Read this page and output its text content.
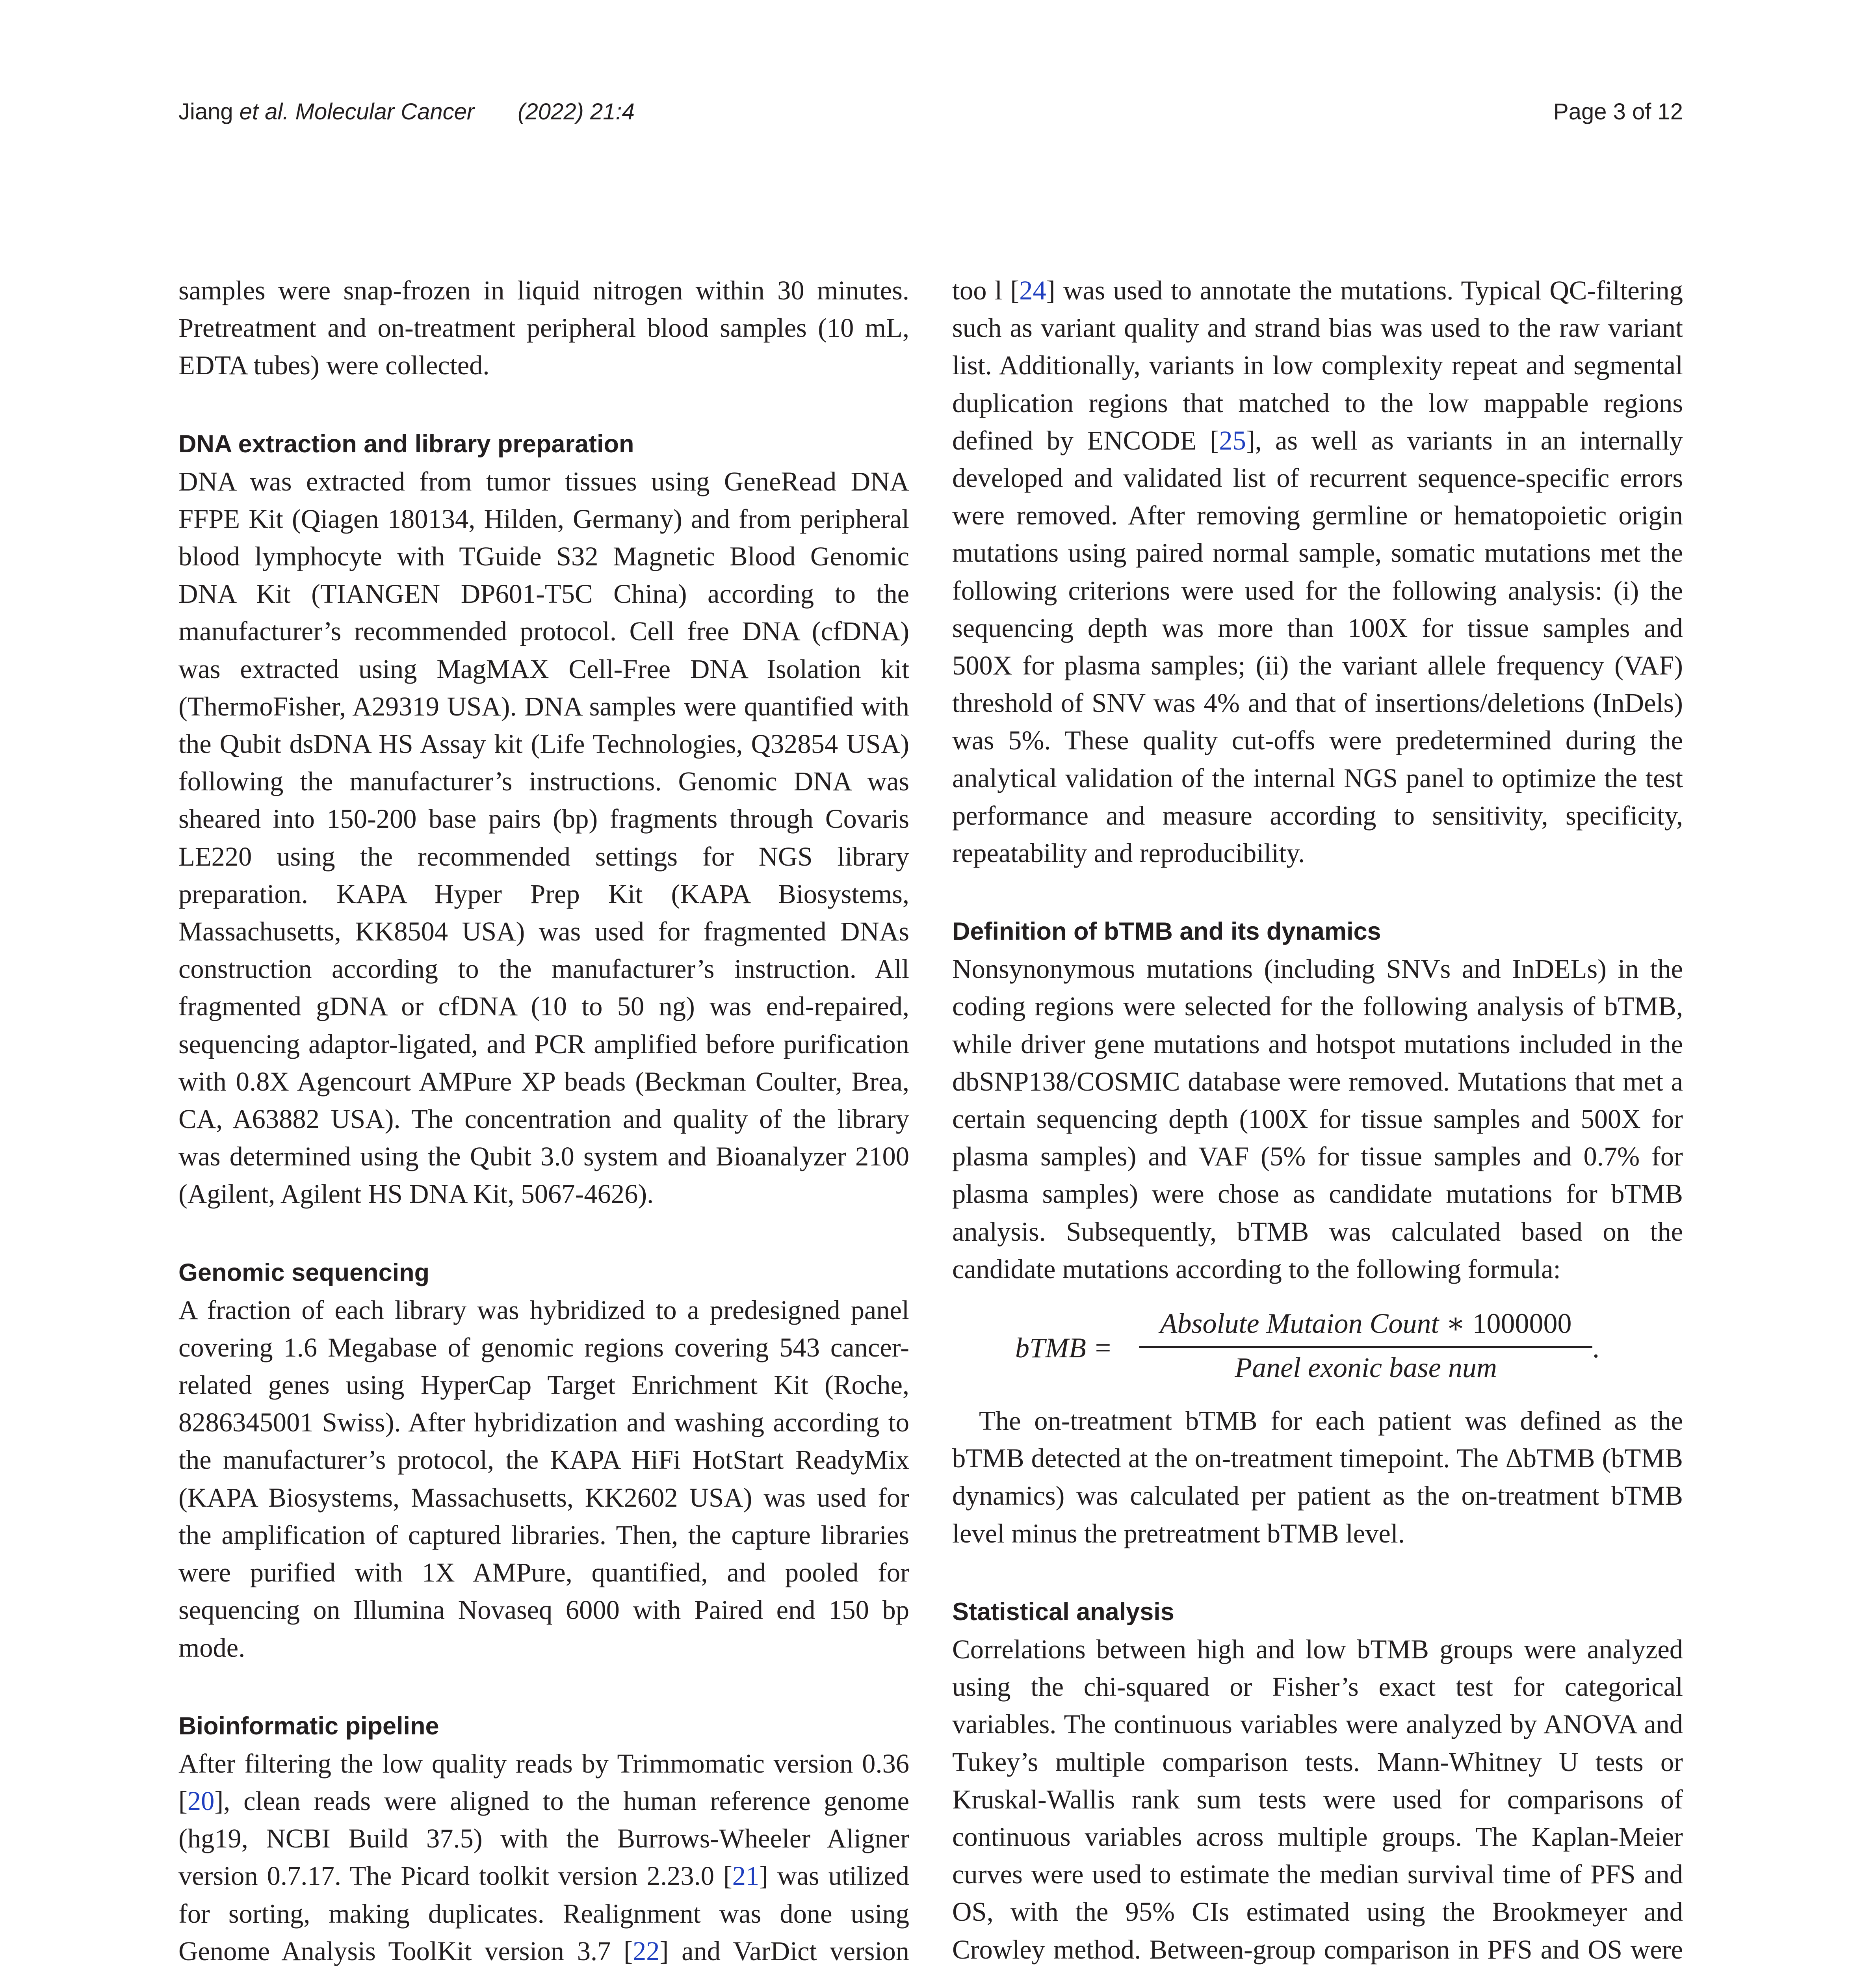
Jiang et al. Molecular Cancer (2022) 21:4	Page 3 of 12

samples were snap-frozen in liquid nitrogen within 30 minutes. Pretreatment and on-treatment peripheral blood samples (10 mL, EDTA tubes) were collected.

DNA extraction and library preparation

DNA was extracted from tumor tissues using GeneRead DNA FFPE Kit (Qiagen 180134, Hilden, Germany) and from peripheral blood lymphocyte with TGuide S32 Magnetic Blood Genomic DNA Kit (TIANGEN DP601-T5C China) according to the manufacturer’s recommended protocol. Cell free DNA (cfDNA) was extracted using MagMAX Cell-Free DNA Isolation kit (ThermoFisher, A29319 USA). DNA samples were quantified with the Qubit dsDNA HS Assay kit (Life Technologies, Q32854 USA) following the manufacturer’s instructions. Genomic DNA was sheared into 150-200 base pairs (bp) fragments through Covaris LE220 using the recommended settings for NGS library preparation. KAPA Hyper Prep Kit (KAPA Biosystems, Massachusetts, KK8504 USA) was used for fragmented DNAs construction according to the manufacturer’s instruction. All fragmented gDNA or cfDNA (10 to 50 ng) was end-repaired, sequencing adaptor-ligated, and PCR amplified before purification with 0.8X Agencourt AMPure XP beads (Beckman Coulter, Brea, CA, A63882 USA). The concentration and quality of the library was determined using the Qubit 3.0 system and Bioanalyzer 2100 (Agilent, Agilent HS DNA Kit, 5067-4626).

Genomic sequencing

A fraction of each library was hybridized to a predesigned panel covering 1.6 Megabase of genomic regions covering 543 cancer-related genes using HyperCap Target Enrichment Kit (Roche, 8286345001 Swiss). After hybridization and washing according to the manufacturer’s protocol, the KAPA HiFi HotStart ReadyMix (KAPA Biosystems, Massachusetts, KK2602 USA) was used for the amplification of captured libraries. Then, the capture libraries were purified with 1X AMPure, quantified, and pooled for sequencing on Illumina Novaseq 6000 with Paired end 150 bp mode.

Bioinformatic pipeline

After filtering the low quality reads by Trimmomatic version 0.36 [20], clean reads were aligned to the human reference genome (hg19, NCBI Build 37.5) with the Burrows-Wheeler Aligner version 0.7.17. The Picard toolkit version 2.23.0 [21] was utilized for sorting, making duplicates. Realignment was done using Genome Analysis ToolKit version 3.7 [22] and VarDict version

too l [24] was used to annotate the mutations. Typical QC-filtering such as variant quality and strand bias was used to the raw variant list. Additionally, variants in low complexity repeat and segmental duplication regions that matched to the low mappable regions defined by ENCODE [25], as well as variants in an internally developed and validated list of recurrent sequence-specific errors were removed. After removing germline or hematopoietic origin mutations using paired normal sample, somatic mutations met the following criterions were used for the following analysis: (i) the sequencing depth was more than 100X for tissue samples and 500X for plasma samples; (ii) the variant allele frequency (VAF) threshold of SNV was 4% and that of insertions/deletions (InDels) was 5%. These quality cut-offs were predetermined during the analytical validation of the internal NGS panel to optimize the test performance and measure according to sensitivity, specificity, repeatability and reproducibility.

Definition of bTMB and its dynamics

Nonsynonymous mutations (including SNVs and InDELs) in the coding regions were selected for the following analysis of bTMB, while driver gene mutations and hotspot mutations included in the dbSNP138/COSMIC database were removed. Mutations that met a certain sequencing depth (100X for tissue samples and 500X for plasma samples) and VAF (5% for tissue samples and 0.7% for plasma samples) were chose as candidate mutations for bTMB analysis. Subsequently, bTMB was calculated based on the candidate mutations according to the following formula:

bTMB =
Absolute Mutaion Count ∗ 1000000
Panel exonic base num
.

The on-treatment bTMB for each patient was defined as the bTMB detected at the on-treatment timepoint. The ΔbTMB (bTMB dynamics) was calculated per patient as the on-treatment bTMB level minus the pretreatment bTMB level.

Statistical analysis

Correlations between high and low bTMB groups were analyzed using the chi-squared or Fisher’s exact test for categorical variables. The continuous variables were analyzed by ANOVA and Tukey’s multiple comparison tests. Mann-Whitney U tests or Kruskal-Wallis rank sum tests were used for comparisons of continuous variables across multiple groups. The Kaplan-Meier curves were used to estimate the median survival time of PFS and OS, with the 95% CIs estimated using the Brookmeyer and Crowley method. Between-group comparison in PFS and OS were
